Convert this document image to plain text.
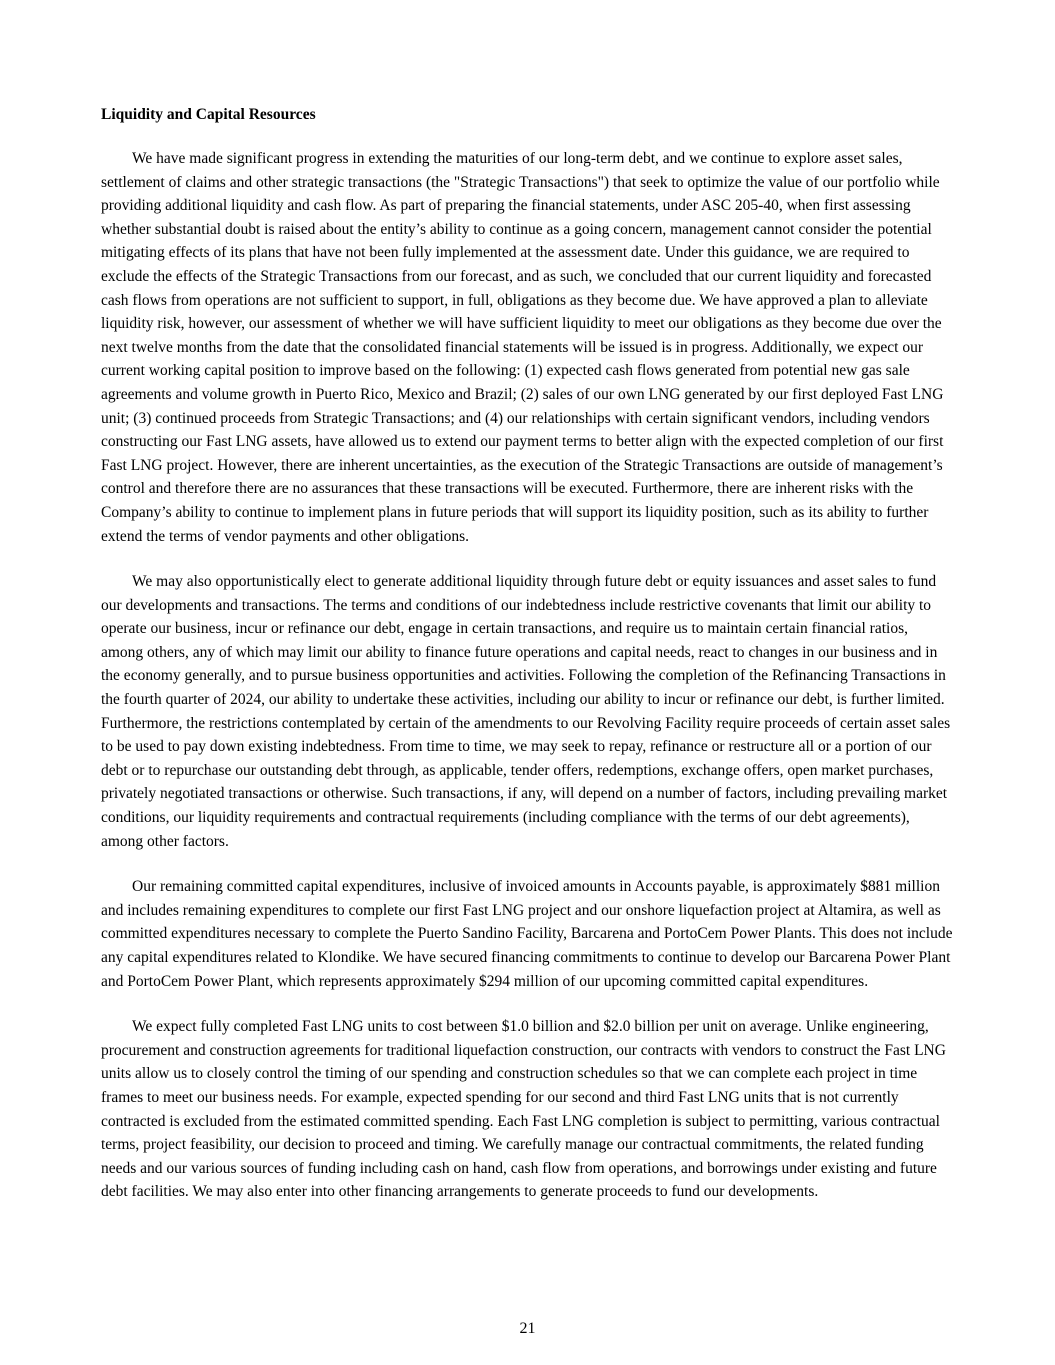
Liquidity and Capital Resources

We have made significant progress in extending the maturities of our long-term debt, and we continue to explore asset sales, settlement of claims and other strategic transactions (the "Strategic Transactions") that seek to optimize the value of our portfolio while providing additional liquidity and cash flow. As part of preparing the financial statements, under ASC 205-40, when first assessing whether substantial doubt is raised about the entity’s ability to continue as a going concern, management cannot consider the potential mitigating effects of its plans that have not been fully implemented at the assessment date. Under this guidance, we are required to exclude the effects of the Strategic Transactions from our forecast, and as such, we concluded that our current liquidity and forecasted cash flows from operations are not sufficient to support, in full, obligations as they become due. We have approved a plan to alleviate liquidity risk, however, our assessment of whether we will have sufficient liquidity to meet our obligations as they become due over the next twelve months from the date that the consolidated financial statements will be issued is in progress. Additionally, we expect our current working capital position to improve based on the following: (1) expected cash flows generated from potential new gas sale agreements and volume growth in Puerto Rico, Mexico and Brazil; (2) sales of our own LNG generated by our first deployed Fast LNG unit; (3) continued proceeds from Strategic Transactions; and (4) our relationships with certain significant vendors, including vendors constructing our Fast LNG assets, have allowed us to extend our payment terms to better align with the expected completion of our first Fast LNG project. However, there are inherent uncertainties, as the execution of the Strategic Transactions are outside of management’s control and therefore there are no assurances that these transactions will be executed. Furthermore, there are inherent risks with the Company’s ability to continue to implement plans in future periods that will support its liquidity position, such as its ability to further extend the terms of vendor payments and other obligations.

We may also opportunistically elect to generate additional liquidity through future debt or equity issuances and asset sales to fund our developments and transactions. The terms and conditions of our indebtedness include restrictive covenants that limit our ability to operate our business, incur or refinance our debt, engage in certain transactions, and require us to maintain certain financial ratios, among others, any of which may limit our ability to finance future operations and capital needs, react to changes in our business and in the economy generally, and to pursue business opportunities and activities. Following the completion of the Refinancing Transactions in the fourth quarter of 2024, our ability to undertake these activities, including our ability to incur or refinance our debt, is further limited. Furthermore, the restrictions contemplated by certain of the amendments to our Revolving Facility require proceeds of certain asset sales to be used to pay down existing indebtedness. From time to time, we may seek to repay, refinance or restructure all or a portion of our debt or to repurchase our outstanding debt through, as applicable, tender offers, redemptions, exchange offers, open market purchases, privately negotiated transactions or otherwise. Such transactions, if any, will depend on a number of factors, including prevailing market conditions, our liquidity requirements and contractual requirements (including compliance with the terms of our debt agreements), among other factors.

Our remaining committed capital expenditures, inclusive of invoiced amounts in Accounts payable, is approximately $881 million and includes remaining expenditures to complete our first Fast LNG project and our onshore liquefaction project at Altamira, as well as committed expenditures necessary to complete the Puerto Sandino Facility, Barcarena and PortoCem Power Plants. This does not include any capital expenditures related to Klondike. We have secured financing commitments to continue to develop our Barcarena Power Plant and PortoCem Power Plant, which represents approximately $294 million of our upcoming committed capital expenditures.

We expect fully completed Fast LNG units to cost between $1.0 billion and $2.0 billion per unit on average. Unlike engineering, procurement and construction agreements for traditional liquefaction construction, our contracts with vendors to construct the Fast LNG units allow us to closely control the timing of our spending and construction schedules so that we can complete each project in time frames to meet our business needs. For example, expected spending for our second and third Fast LNG units that is not currently contracted is excluded from the estimated committed spending. Each Fast LNG completion is subject to permitting, various contractual terms, project feasibility, our decision to proceed and timing. We carefully manage our contractual commitments, the related funding needs and our various sources of funding including cash on hand, cash flow from operations, and borrowings under existing and future debt facilities. We may also enter into other financing arrangements to generate proceeds to fund our developments.

21
